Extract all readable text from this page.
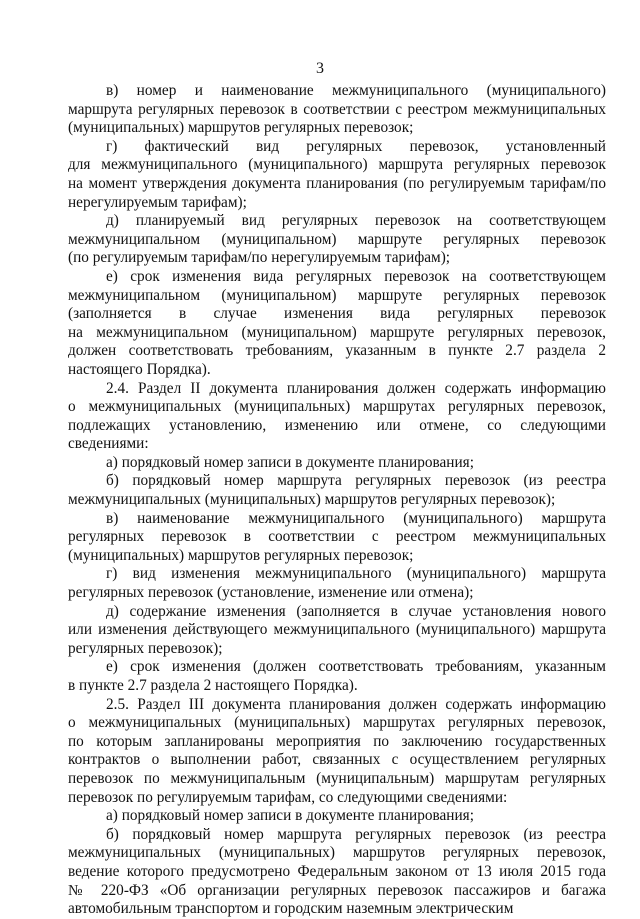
3
в) номер и наименование межмуниципального (муниципального)
маршрута регулярных перевозок в соответствии с реестром межмуниципальных
(муниципальных) маршрутов регулярных перевозок;
г) фактический вид регулярных перевозок, установленный
для межмуниципального (муниципального) маршрута регулярных перевозок
на момент утверждения документа планирования (по регулируемым тарифам/по
нерегулируемым тарифам);
д) планируемый вид регулярных перевозок на соответствующем
межмуниципальном (муниципальном) маршруте регулярных перевозок
(по регулируемым тарифам/по нерегулируемым тарифам);
е) срок изменения вида регулярных перевозок на соответствующем
межмуниципальном (муниципальном) маршруте регулярных перевозок
(заполняется в случае изменения вида регулярных перевозок
на межмуниципальном (муниципальном) маршруте регулярных перевозок,
должен соответствовать требованиям, указанным в пункте 2.7 раздела 2
настоящего Порядка).
2.4. Раздел II документа планирования должен содержать информацию
о межмуниципальных (муниципальных) маршрутах регулярных перевозок,
подлежащих установлению, изменению или отмене, со следующими
сведениями:
а) порядковый номер записи в документе планирования;
б) порядковый номер маршрута регулярных перевозок (из реестра
межмуниципальных (муниципальных) маршрутов регулярных перевозок);
в) наименование межмуниципального (муниципального) маршрута
регулярных перевозок в соответствии с реестром межмуниципальных
(муниципальных) маршрутов регулярных перевозок;
г) вид изменения межмуниципального (муниципального) маршрута
регулярных перевозок (установление, изменение или отмена);
д) содержание изменения (заполняется в случае установления нового
или изменения действующего межмуниципального (муниципального) маршрута
регулярных перевозок);
е) срок изменения (должен соответствовать требованиям, указанным
в пункте 2.7 раздела 2 настоящего Порядка).
2.5. Раздел III документа планирования должен содержать информацию
о межмуниципальных (муниципальных) маршрутах регулярных перевозок,
по которым запланированы мероприятия по заключению государственных
контрактов о выполнении работ, связанных с осуществлением регулярных
перевозок по межмуниципальным (муниципальным) маршрутам регулярных
перевозок по регулируемым тарифам, со следующими сведениями:
а) порядковый номер записи в документе планирования;
б) порядковый номер маршрута регулярных перевозок (из реестра
межмуниципальных (муниципальных) маршрутов регулярных перевозок,
ведение которого предусмотрено Федеральным законом от 13 июля 2015 года
№ 220-ФЗ «Об организации регулярных перевозок пассажиров и багажа
автомобильным транспортом и городским наземным электрическим
